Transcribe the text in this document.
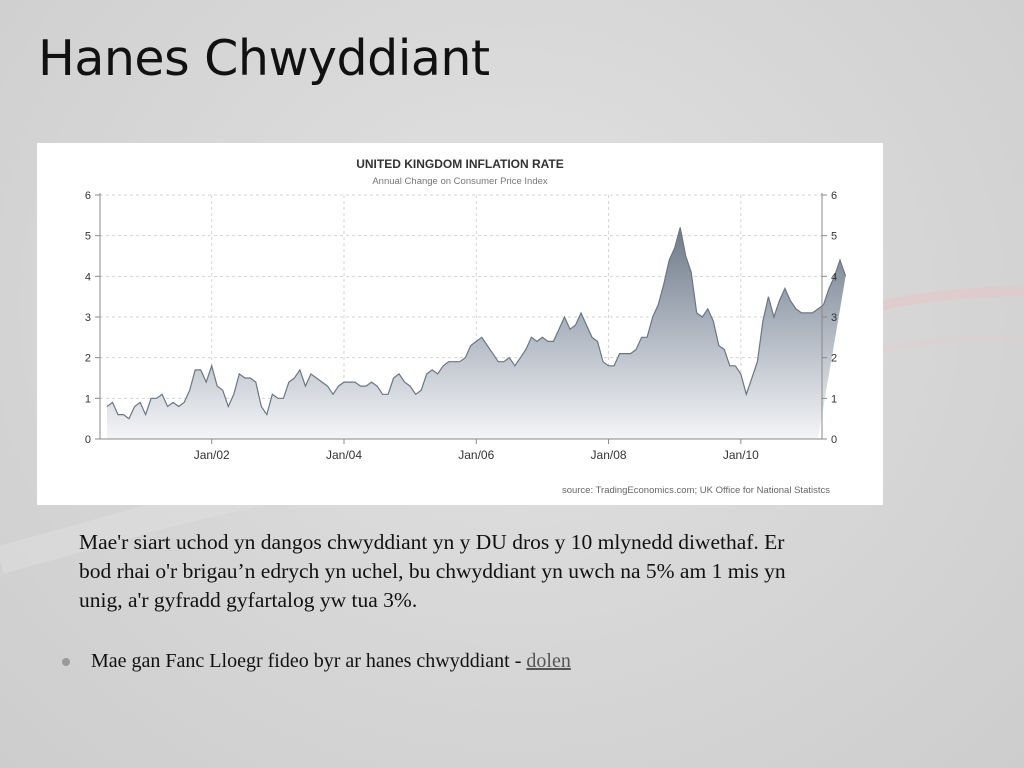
Hanes Chwyddiant
UNITED KINGDOM INFLATION RATE
Annual Change on Consumer Price Index
0	0
1	1
2	2
3	3
4	4
5	5
6	6
Jan/02	Jan/04	Jan/06	Jan/08	Jan/10
source: TradingEconomics.com; UK Office for National Statistcs

Mae'r siart uchod yn dangos chwyddiant yn y DU dros y 10 mlynedd diwethaf. Er bod rhai o'r brigau’n edrych yn uchel, bu chwyddiant yn uwch na 5% am 1 mis yn unig, a'r gyfradd gyfartalog yw tua 3%.

Mae gan Fanc Lloegr fideo byr ar hanes chwyddiant - dolen
